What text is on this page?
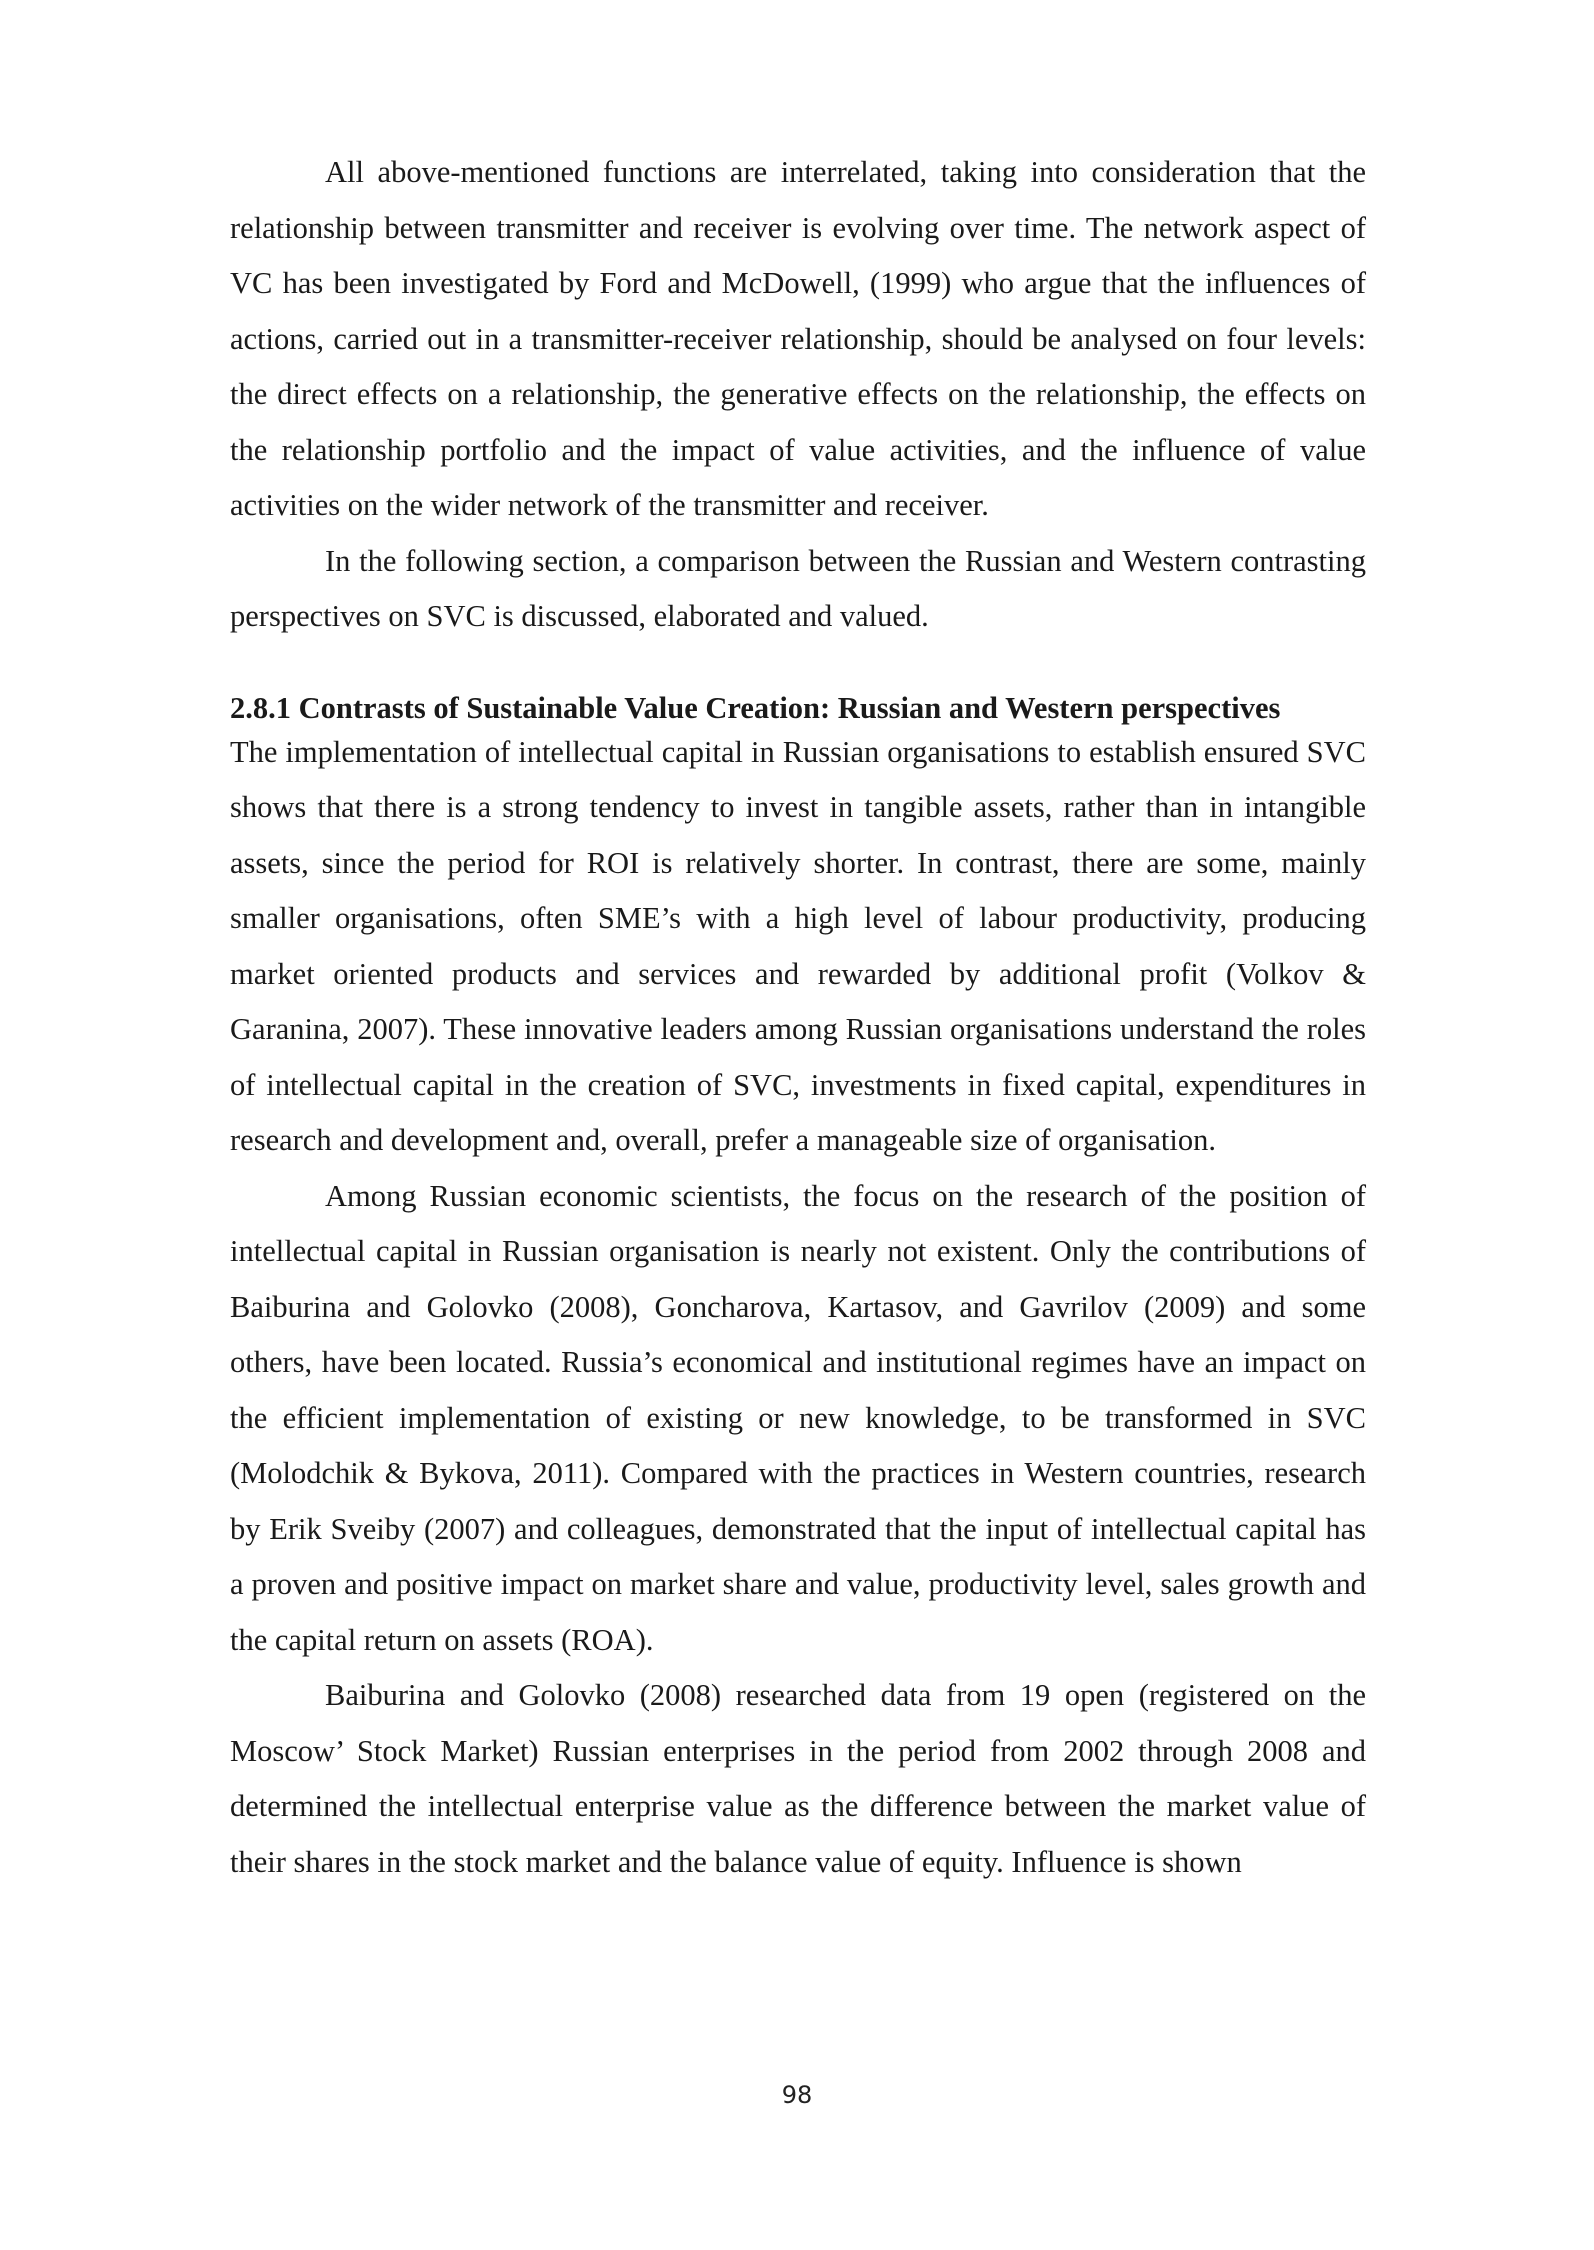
All above-mentioned functions are interrelated, taking into consideration that the relationship between transmitter and receiver is evolving over time. The network aspect of VC has been investigated by Ford and McDowell, (1999) who argue that the influences of actions, carried out in a transmitter-receiver relationship, should be analysed on four levels: the direct effects on a relationship, the generative effects on the relationship, the effects on the relationship portfolio and the impact of value activities, and the influence of value activities on the wider network of the transmitter and receiver.

In the following section, a comparison between the Russian and Western contrasting perspectives on SVC is discussed, elaborated and valued.

2.8.1 Contrasts of Sustainable Value Creation: Russian and Western perspectives

The implementation of intellectual capital in Russian organisations to establish ensured SVC shows that there is a strong tendency to invest in tangible assets, rather than in intangible assets, since the period for ROI is relatively shorter. In contrast, there are some, mainly smaller organisations, often SME’s with a high level of labour productivity, producing market oriented products and services and rewarded by additional profit (Volkov & Garanina, 2007). These innovative leaders among Russian organisations understand the roles of intellectual capital in the creation of SVC, investments in fixed capital, expenditures in research and development and, overall, prefer a manageable size of organisation.

Among Russian economic scientists, the focus on the research of the position of intellectual capital in Russian organisation is nearly not existent. Only the contributions of Baiburina and Golovko (2008), Goncharova, Kartasov, and Gavrilov (2009) and some others, have been located. Russia’s economical and institutional regimes have an impact on the efficient implementation of existing or new knowledge, to be transformed in SVC (Molodchik & Bykova, 2011). Compared with the practices in Western countries, research by Erik Sveiby (2007) and colleagues, demonstrated that the input of intellectual capital has a proven and positive impact on market share and value, productivity level, sales growth and the capital return on assets (ROA).

Baiburina and Golovko (2008) researched data from 19 open (registered on the Moscow’ Stock Market) Russian enterprises in the period from 2002 through 2008 and determined the intellectual enterprise value as the difference between the market value of their shares in the stock market and the balance value of equity. Influence is shown

98
